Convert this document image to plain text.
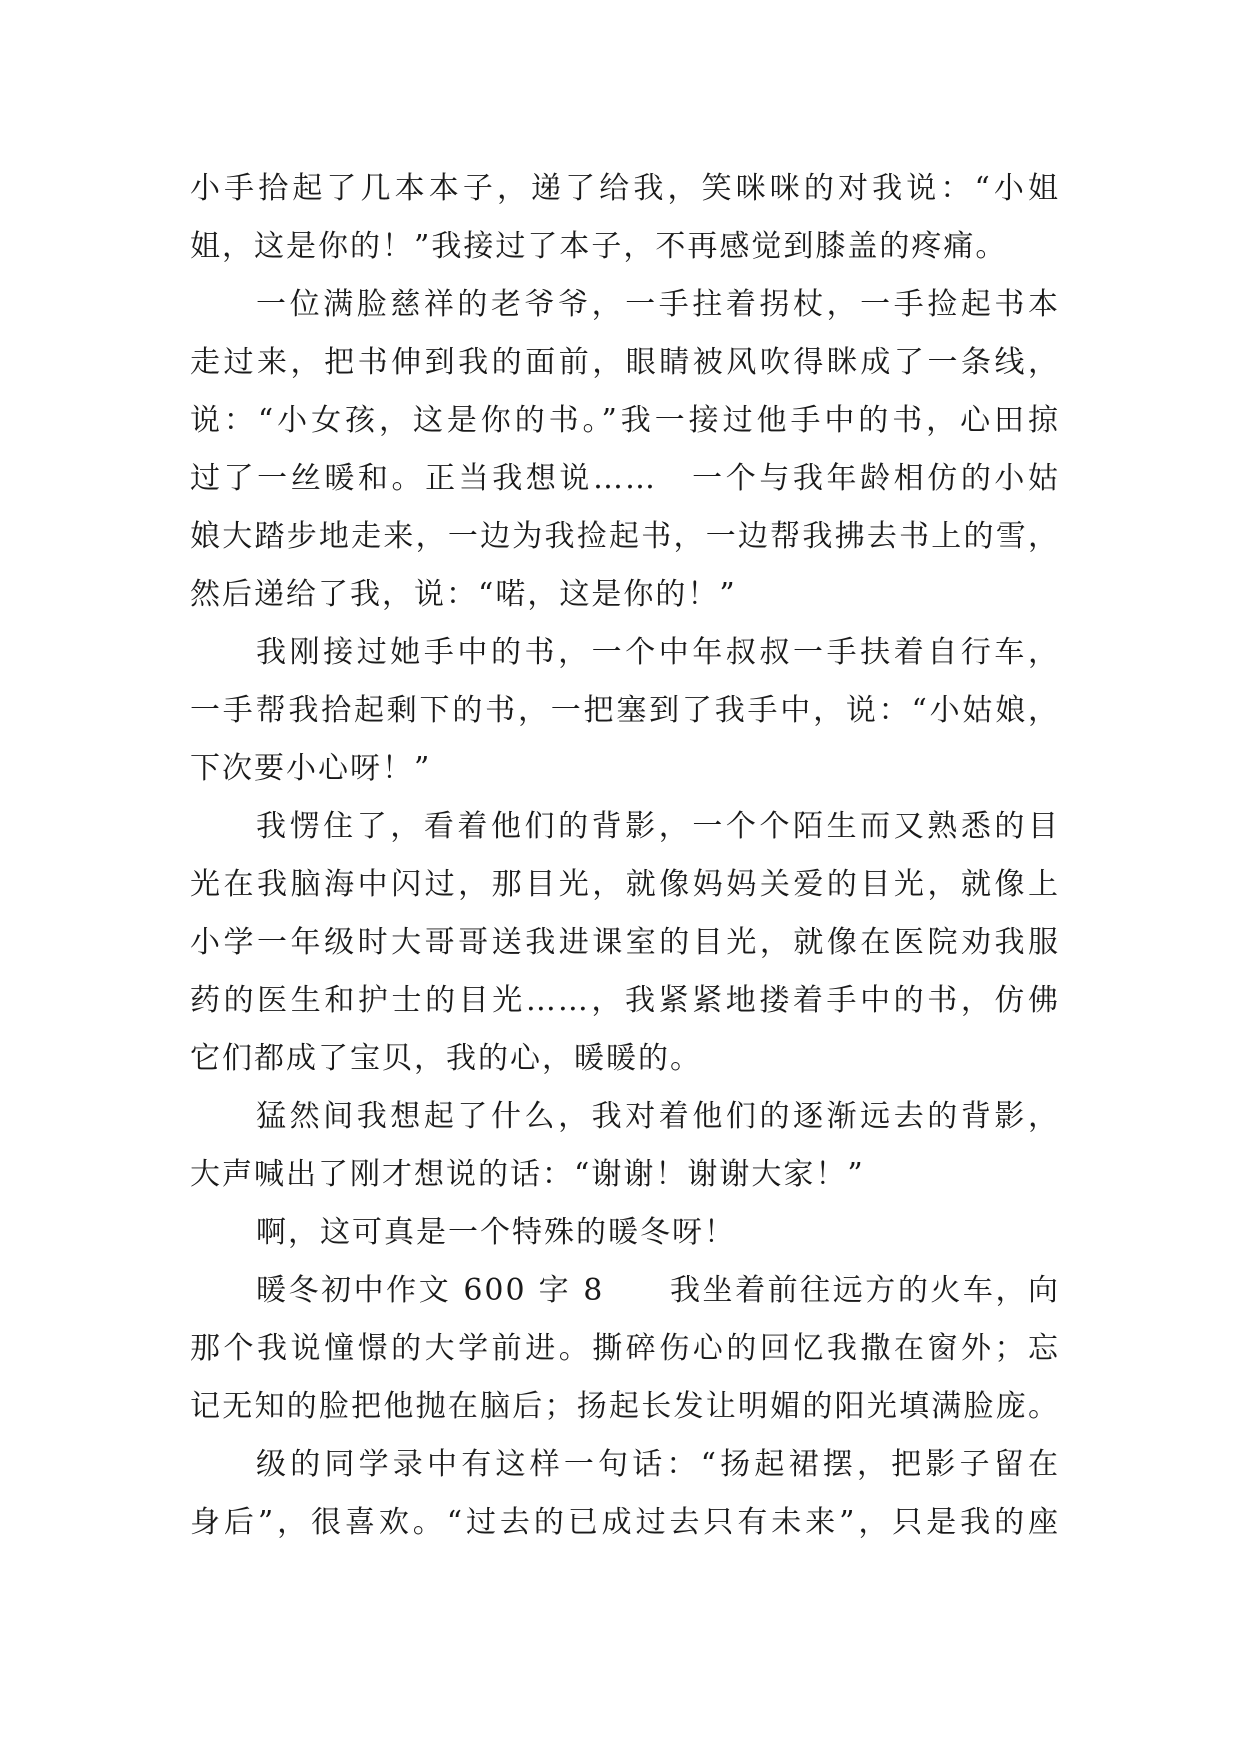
小手拾起了几本本子，递了给我，笑咪咪的对我说：“小姐
姐，这是你的！”我接过了本子，不再感觉到膝盖的疼痛。
一位满脸慈祥的老爷爷，一手拄着拐杖，一手捡起书本
走过来，把书伸到我的面前，眼睛被风吹得眯成了一条线，
说：“小女孩，这是你的书。”我一接过他手中的书，心田掠
过了一丝暖和。正当我想说……　一个与我年龄相仿的小姑
娘大踏步地走来，一边为我捡起书，一边帮我拂去书上的雪，
然后递给了我，说：“喏，这是你的！”
我刚接过她手中的书，一个中年叔叔一手扶着自行车，
一手帮我拾起剩下的书，一把塞到了我手中，说：“小姑娘，
下次要小心呀！”
我愣住了，看着他们的背影，一个个陌生而又熟悉的目
光在我脑海中闪过，那目光，就像妈妈关爱的目光，就像上
小学一年级时大哥哥送我进课室的目光，就像在医院劝我服
药的医生和护士的目光……，我紧紧地搂着手中的书，仿佛
它们都成了宝贝，我的心，暖暖的。
猛然间我想起了什么，我对着他们的逐渐远去的背影，
大声喊出了刚才想说的话：“谢谢！谢谢大家！”
啊，这可真是一个特殊的暖冬呀！
暖冬初中作文 600 字 8　　我坐着前往远方的火车，向
那个我说憧憬的大学前进。撕碎伤心的回忆我撒在窗外；忘
记无知的脸把他抛在脑后；扬起长发让明媚的阳光填满脸庞。
级的同学录中有这样一句话：“扬起裙摆，把影子留在
身后”，很喜欢。“过去的已成过去只有未来”，只是我的座
